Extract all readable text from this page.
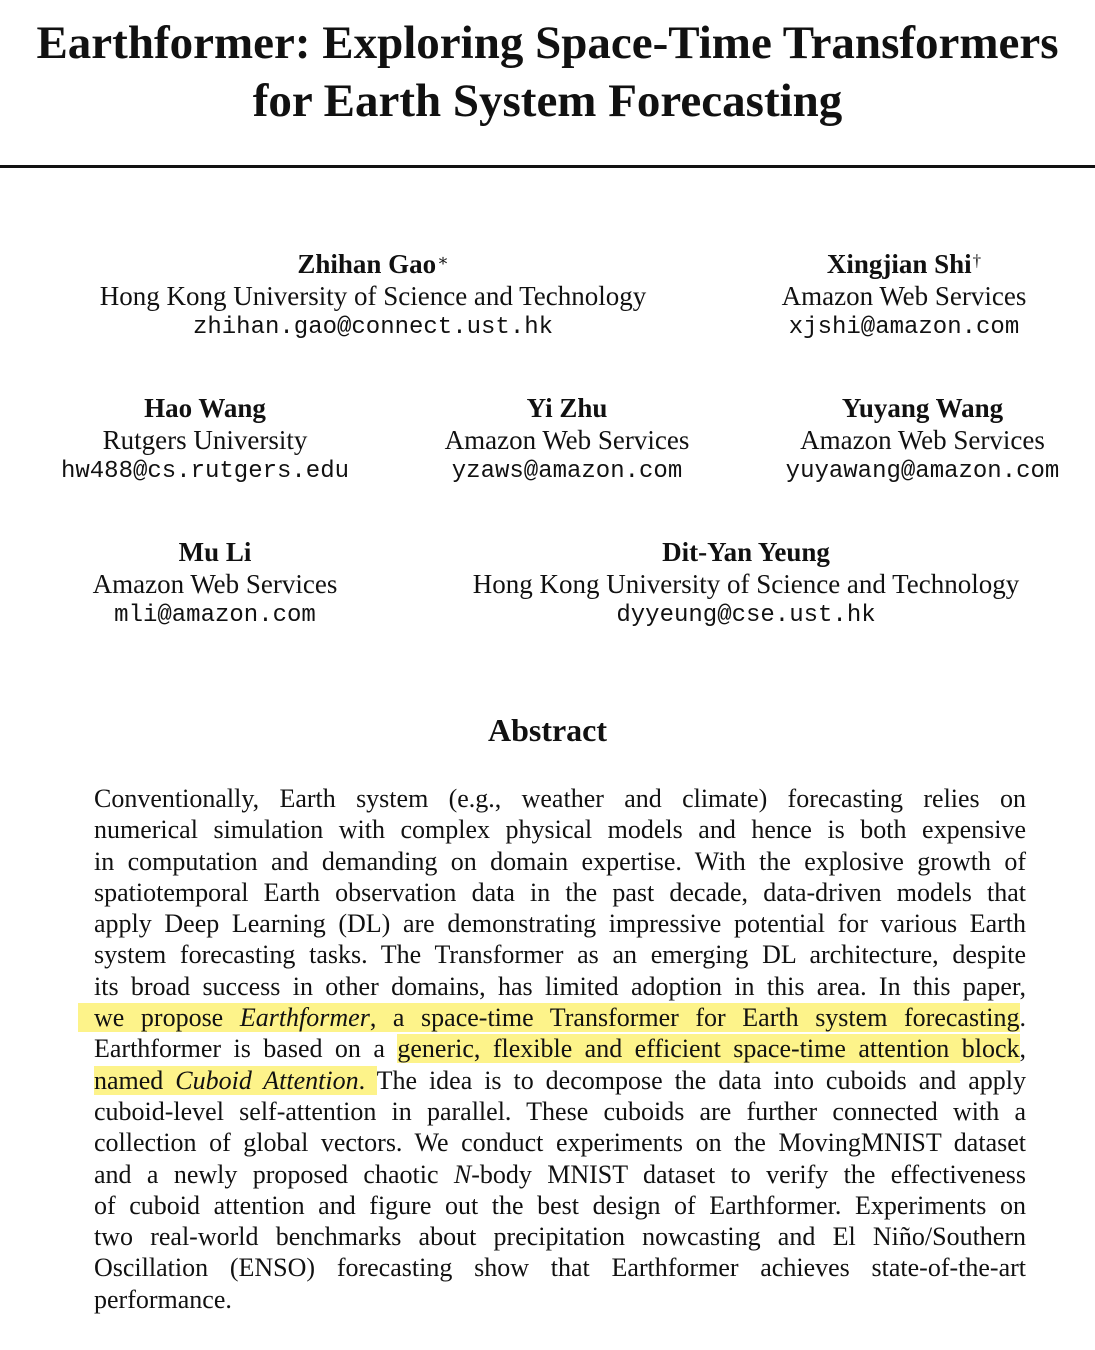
Earthformer: Exploring Space-Time Transformers
for Earth System Forecasting
Zhihan Gao∗
Hong Kong University of Science and Technology
zhihan.gao@connect.ust.hk
Xingjian Shi†
Amazon Web Services
xjshi@amazon.com
Hao Wang
Rutgers University
hw488@cs.rutgers.edu
Yi Zhu
Amazon Web Services
yzaws@amazon.com
Yuyang Wang
Amazon Web Services
yuyawang@amazon.com
Mu Li
Amazon Web Services
mli@amazon.com
Dit-Yan Yeung
Hong Kong University of Science and Technology
dyyeung@cse.ust.hk
Abstract
Conventionally, Earth system (e.g., weather and climate) forecasting relies on
numerical simulation with complex physical models and hence is both expensive
in computation and demanding on domain expertise. With the explosive growth of
spatiotemporal Earth observation data in the past decade, data-driven models that
apply Deep Learning (DL) are demonstrating impressive potential for various Earth
system forecasting tasks. The Transformer as an emerging DL architecture, despite
its broad success in other domains, has limited adoption in this area. In this paper,
we propose Earthformer, a space-time Transformer for Earth system forecasting.
Earthformer is based on a generic, flexible and efficient space-time attention block,
named Cuboid Attention. The idea is to decompose the data into cuboids and apply
cuboid-level self-attention in parallel. These cuboids are further connected with a
collection of global vectors. We conduct experiments on the MovingMNIST dataset
and a newly proposed chaotic N-body MNIST dataset to verify the effectiveness
of cuboid attention and figure out the best design of Earthformer. Experiments on
two real-world benchmarks about precipitation nowcasting and El Niño/Southern
Oscillation (ENSO) forecasting show that Earthformer achieves state-of-the-art
performance.
